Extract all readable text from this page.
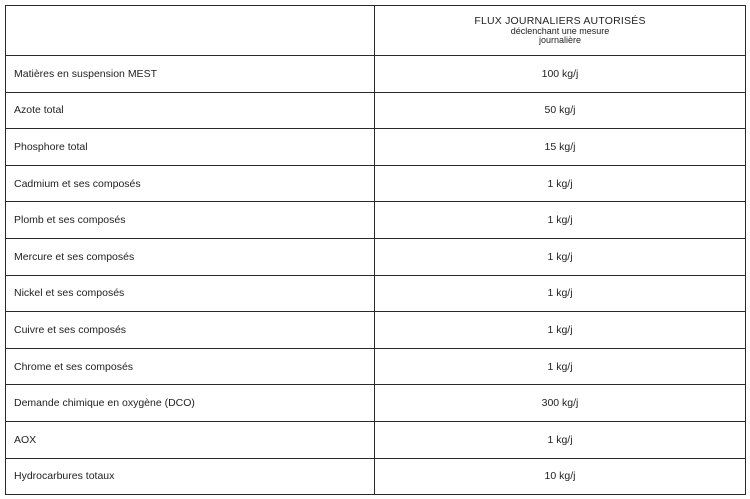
	FLUX JOURNALIERS AUTORISÉS
déclenchant une mesure
journalière

Matières en suspension MEST	100 kg/j
Azote total	50 kg/j
Phosphore total	15 kg/j
Cadmium et ses composés	1 kg/j
Plomb et ses composés	1 kg/j
Mercure et ses composés	1 kg/j
Nickel et ses composés	1 kg/j
Cuivre et ses composés	1 kg/j
Chrome et ses composés	1 kg/j
Demande chimique en oxygène (DCO)	300 kg/j
AOX	1 kg/j
Hydrocarbures totaux	10 kg/j
